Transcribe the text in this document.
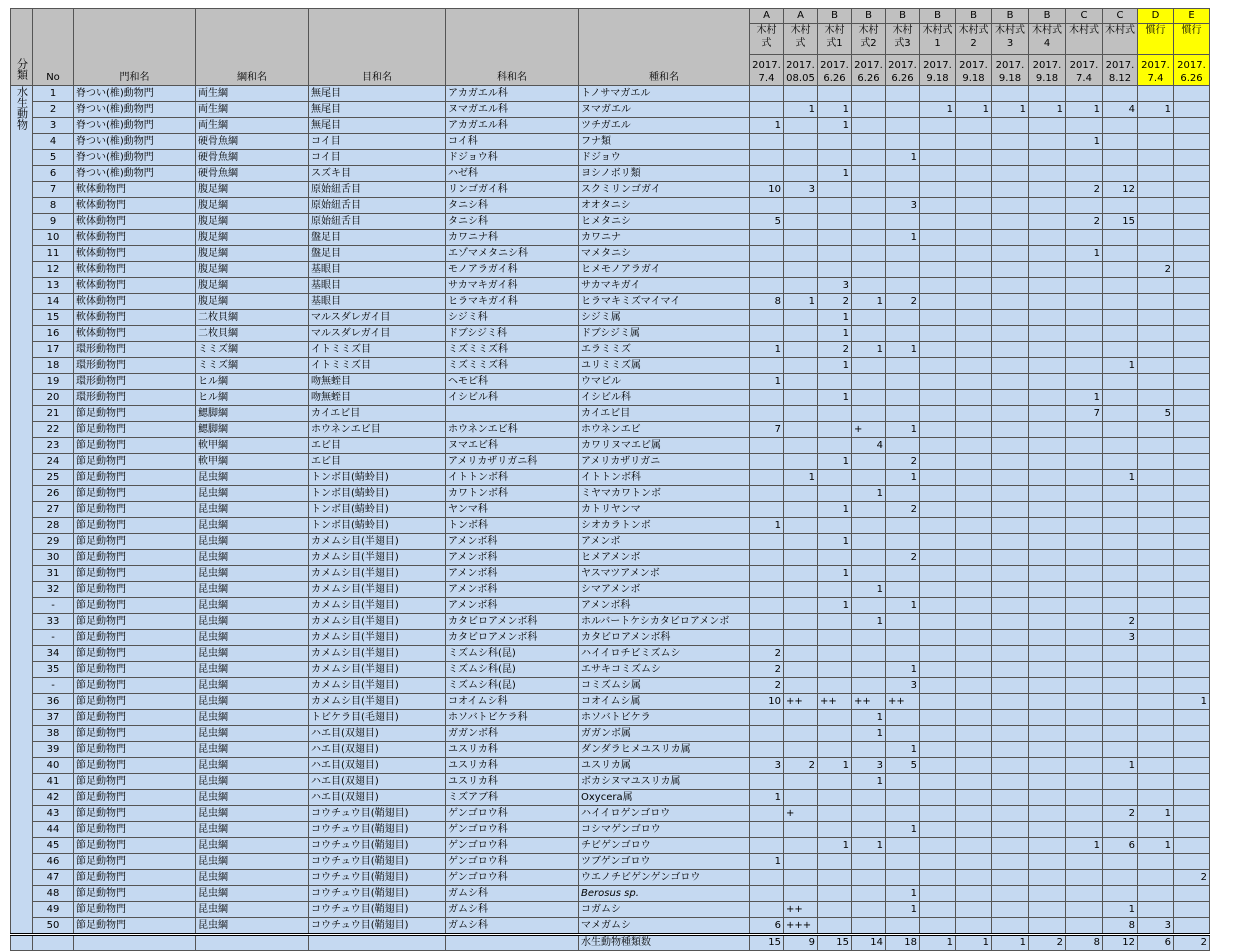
分類	No	門和名	綱和名	目和名	科和名	種和名													
							A	A	B	B	B	B	B	B	B	C	C	D	E
							木村式	木村式	木村式1	木村式2	木村式3	木村式1	木村式2	木村式3	木村式4	木村式	木村式	慣行	慣行
							2017.7.4	2017.08.05	2017.6.26	2017.6.26	2017.6.26	2017.9.18	2017.9.18	2017.9.18	2017.9.18	2017.7.4	2017.8.12	2017.7.4	2017.6.26
水生動物	1	脊つい(椎)動物門	両生綱	無尾目	アカガエル科	トノサマガエル													
	2	脊つい(椎)動物門	両生綱	無尾目	ヌマガエル科	ヌマガエル		1	1			1	1	1	1	1	4	1	
	3	脊つい(椎)動物門	両生綱	無尾目	アカガエル科	ツチガエル	1		1										
	4	脊つい(椎)動物門	硬骨魚綱	コイ目	コイ科	フナ類										1			
	5	脊つい(椎)動物門	硬骨魚綱	コイ目	ドジョウ科	ドジョウ					1								
	6	脊つい(椎)動物門	硬骨魚綱	スズキ目	ハゼ科	ヨシノボリ類			1										
	7	軟体動物門	腹足綱	原始紐舌目	リンゴガイ科	スクミリンゴガイ	10	3								2	12		
	8	軟体動物門	腹足綱	原始紐舌目	タニシ科	オオタニシ					3								
	9	軟体動物門	腹足綱	原始紐舌目	タニシ科	ヒメタニシ	5									2	15		
	10	軟体動物門	腹足綱	盤足目	カワニナ科	カワニナ					1								
	11	軟体動物門	腹足綱	盤足目	エゾマメタニシ科	マメタニシ										1			
	12	軟体動物門	腹足綱	基眼目	モノアラガイ科	ヒメモノアラガイ												2	
	13	軟体動物門	腹足綱	基眼目	サカマキガイ科	サカマキガイ			3										
	14	軟体動物門	腹足綱	基眼目	ヒラマキガイ科	ヒラマキミズマイマイ	8	1	2	1	2								
	15	軟体動物門	二枚貝綱	マルスダレガイ目	シジミ科	シジミ属			1										
	16	軟体動物門	二枚貝綱	マルスダレガイ目	ドブシジミ科	ドブシジミ属			1										
	17	環形動物門	ミミズ綱	イトミミズ目	ミズミミズ科	エラミミズ	1		2	1	1								
	18	環形動物門	ミミズ綱	イトミミズ目	ミズミミズ科	ユリミミズ属			1								1		
	19	環形動物門	ヒル綱	吻無蛭目	ヘモピ科	ウマビル	1												
	20	環形動物門	ヒル綱	吻無蛭目	イシビル科	イシビル科			1							1			
	21	節足動物門	鰓脚綱	カイエビ目		カイエビ目										7		5	
	22	節足動物門	鰓脚綱	ホウネンエビ目	ホウネンエビ科	ホウネンエビ	7			+	1								
	23	節足動物門	軟甲綱	エビ目	ヌマエビ科	カワリヌマエビ属				4									
	24	節足動物門	軟甲綱	エビ目	アメリカザリガニ科	アメリカザリガニ			1		2								
	25	節足動物門	昆虫綱	トンボ目(蜻蛉目)	イトトンボ科	イトトンボ科		1			1						1		
	26	節足動物門	昆虫綱	トンボ目(蜻蛉目)	カワトンボ科	ミヤマカワトンボ				1									
	27	節足動物門	昆虫綱	トンボ目(蜻蛉目)	ヤンマ科	カトリヤンマ			1		2								
	28	節足動物門	昆虫綱	トンボ目(蜻蛉目)	トンボ科	シオカラトンボ	1												
	29	節足動物門	昆虫綱	カメムシ目(半翅目)	アメンボ科	アメンボ			1										
	30	節足動物門	昆虫綱	カメムシ目(半翅目)	アメンボ科	ヒメアメンボ					2								
	31	節足動物門	昆虫綱	カメムシ目(半翅目)	アメンボ科	ヤスマツアメンボ			1										
	32	節足動物門	昆虫綱	カメムシ目(半翅目)	アメンボ科	シマアメンボ				1									
	-	節足動物門	昆虫綱	カメムシ目(半翅目)	アメンボ科	アメンボ科			1		1								
	33	節足動物門	昆虫綱	カメムシ目(半翅目)	カタビロアメンボ科	ホルバートケシカタビロアメンボ				1							2		
	-	節足動物門	昆虫綱	カメムシ目(半翅目)	カタビロアメンボ科	カタビロアメンボ科											3		
	34	節足動物門	昆虫綱	カメムシ目(半翅目)	ミズムシ科(昆)	ハイイロチビミズムシ	2												
	35	節足動物門	昆虫綱	カメムシ目(半翅目)	ミズムシ科(昆)	エサキコミズムシ	2				1								
	-	節足動物門	昆虫綱	カメムシ目(半翅目)	ミズムシ科(昆)	コミズムシ属	2				3								
	36	節足動物門	昆虫綱	カメムシ目(半翅目)	コオイムシ科	コオイムシ属	10	++	++	++	++								1
	37	節足動物門	昆虫綱	トビケラ目(毛翅目)	ホソバトビケラ科	ホソバトビケラ				1									
	38	節足動物門	昆虫綱	ハエ目(双翅目)	ガガンボ科	ガガンボ属				1									
	39	節足動物門	昆虫綱	ハエ目(双翅目)	ユスリカ科	ダンダラヒメユスリカ属					1								
	40	節足動物門	昆虫綱	ハエ目(双翅目)	ユスリカ科	ユスリカ属	3	2	1	3	5						1		
	41	節足動物門	昆虫綱	ハエ目(双翅目)	ユスリカ科	ボカシヌマユスリカ属				1									
	42	節足動物門	昆虫綱	ハエ目(双翅目)	ミズアブ科	Oxycera属	1												
	43	節足動物門	昆虫綱	コウチュウ目(鞘翅目)	ゲンゴロウ科	ハイイロゲンゴロウ		+									2	1	
	44	節足動物門	昆虫綱	コウチュウ目(鞘翅目)	ゲンゴロウ科	コシマゲンゴロウ					1								
	45	節足動物門	昆虫綱	コウチュウ目(鞘翅目)	ゲンゴロウ科	チビゲンゴロウ			1	1						1	6	1	
	46	節足動物門	昆虫綱	コウチュウ目(鞘翅目)	ゲンゴロウ科	ツブゲンゴロウ	1												
	47	節足動物門	昆虫綱	コウチュウ目(鞘翅目)	ゲンゴロウ科	ウエノチビゲンゲンゴロウ													2
	48	節足動物門	昆虫綱	コウチュウ目(鞘翅目)	ガムシ科	Berosus sp.					1								
	49	節足動物門	昆虫綱	コウチュウ目(鞘翅目)	ガムシ科	コガムシ		++			1						1		
	50	節足動物門	昆虫綱	コウチュウ目(鞘翅目)	ガムシ科	マメガムシ	6	+++									8	3	
						水生動物種類数	15	9	15	14	18	1	1	1	2	8	12	6	2
